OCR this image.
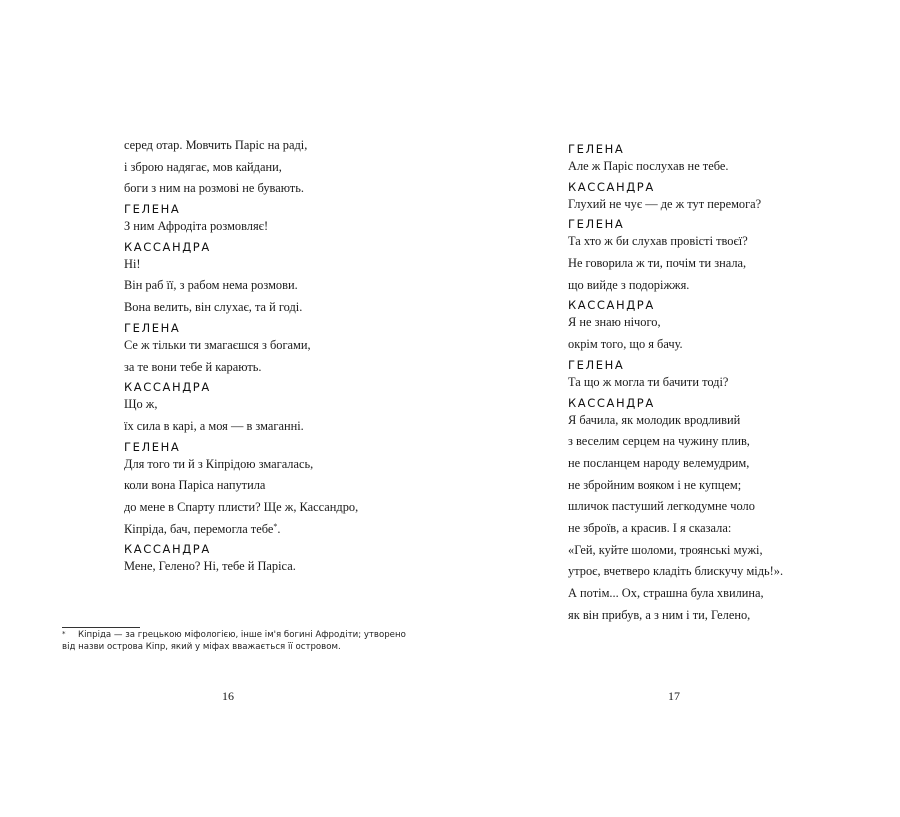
серед отар. Мовчить Паріс на раді,
і зброю надягає, мов кайдани,
боги з ним на розмові не бувають.
ГЕЛЕНА
З ним Афродіта розмовляє!
КАССАНДРА
Ні!
Він раб її, з рабом нема розмови.
Вона велить, він слухає, та й годі.
ГЕЛЕНА
Се ж тільки ти змагаєшся з богами,
за те вони тебе й карають.
КАССАНДРА
Що ж,
їх сила в карі, а моя — в змаганні.
ГЕЛЕНА
Для того ти й з Кіпрідою змагалась,
коли вона Паріса напутила
до мене в Спарту плисти? Ще ж, Кассандро,
Кіпріда, бач, перемогла тебе*.
КАССАНДРА
Мене, Гелено? Ні, тебе й Паріса.
*	Кіпріда — за грецькою міфологією, інше ім'я богині Афродіти; утворено
від назви острова Кіпр, який у міфах вважається її островом.
16
ГЕЛЕНА
Але ж Паріс послухав не тебе.
КАССАНДРА
Глухий не чує — де ж тут перемога?
ГЕЛЕНА
Та хто ж би слухав провісті твоєї?
Не говорила ж ти, почім ти знала,
що вийде з подоріжжя.
КАССАНДРА
Я не знаю нічого,
окрім того, що я бачу.
ГЕЛЕНА
Та що ж могла ти бачити тоді?
КАССАНДРА
Я бачила, як молодик вродливий
з веселим серцем на чужину плив,
не посланцем народу велемудрим,
не збройним вояком і не купцем;
шличок пастуший легкодумне чоло
не зброїв, а красив. І я сказала:
«Гей, куйте шоломи, троянські мужі,
утроє, вчетверо кладіть блискучу мідь!».
А потім... Ох, страшна була хвилина,
як він прибув, а з ним і ти, Гелено,
17
